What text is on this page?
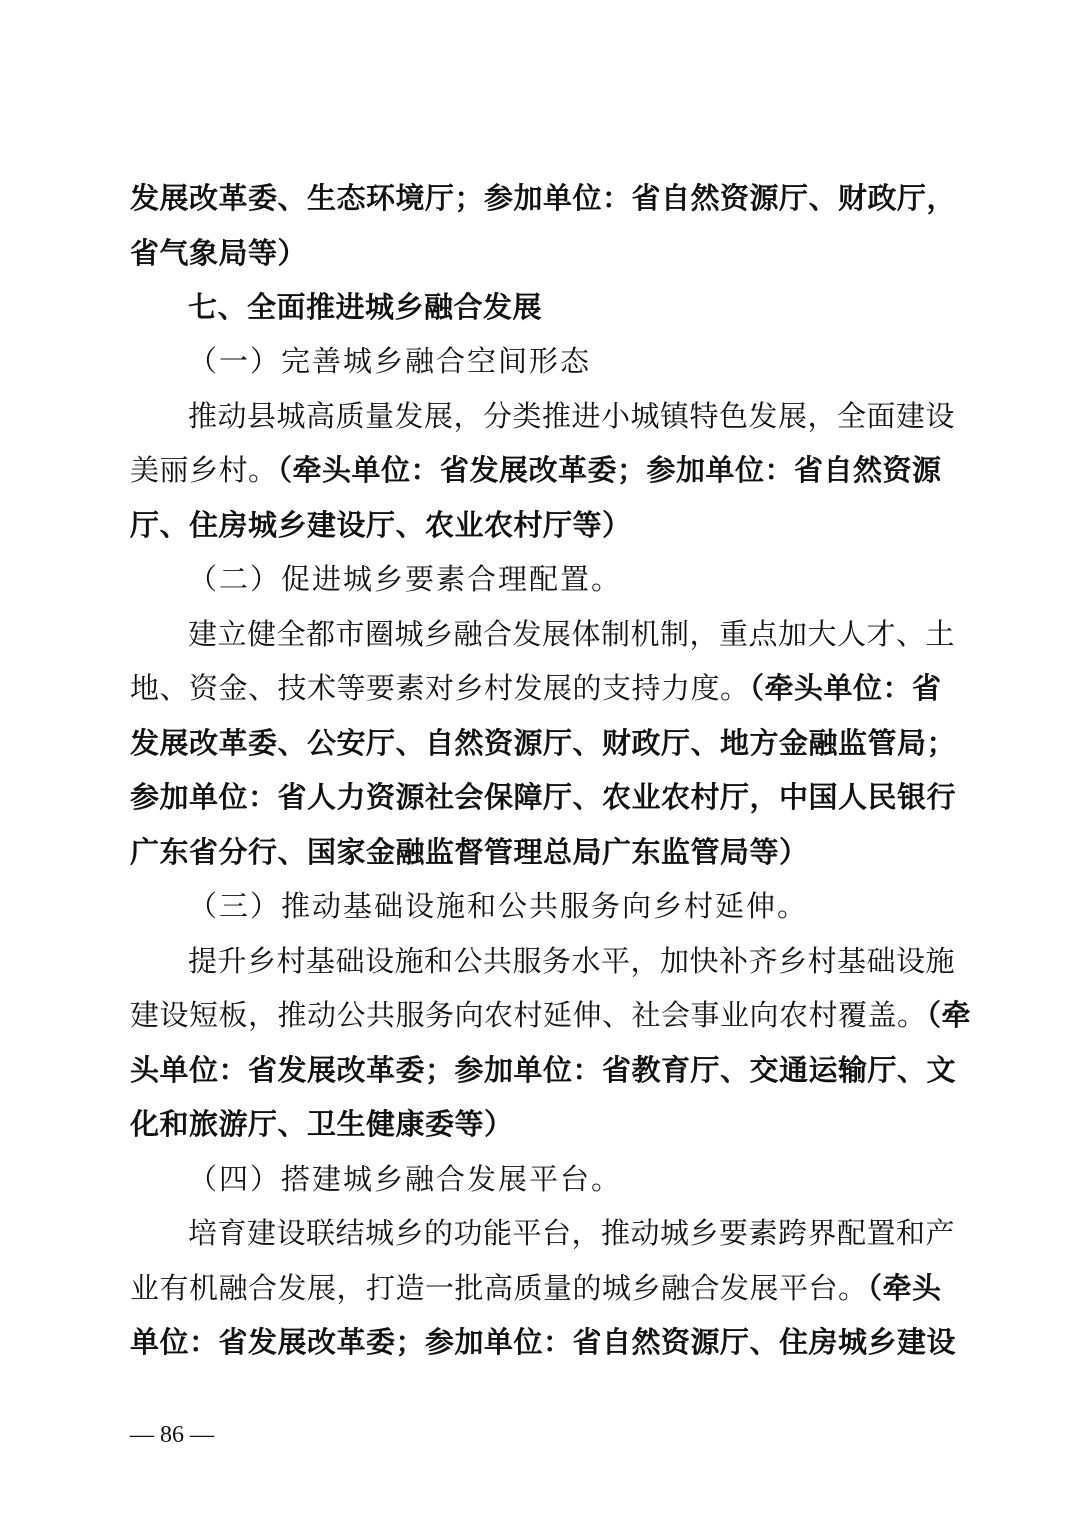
发展改革委、生态环境厅；参加单位：省自然资源厅、财政厅，
省气象局等）
七、全面推进城乡融合发展
（一）完善城乡融合空间形态
推动县城高质量发展，分类推进小城镇特色发展，全面建设
美丽乡村。（牵头单位：省发展改革委；参加单位：省自然资源
厅、住房城乡建设厅、农业农村厅等）
（二）促进城乡要素合理配置。
建立健全都市圈城乡融合发展体制机制，重点加大人才、土
地、资金、技术等要素对乡村发展的支持力度。（牵头单位：省
发展改革委、公安厅、自然资源厅、财政厅、地方金融监管局；
参加单位：省人力资源社会保障厅、农业农村厅，中国人民银行
广东省分行、国家金融监督管理总局广东监管局等）
（三）推动基础设施和公共服务向乡村延伸。
提升乡村基础设施和公共服务水平，加快补齐乡村基础设施
建设短板，推动公共服务向农村延伸、社会事业向农村覆盖。（牵
头单位：省发展改革委；参加单位：省教育厅、交通运输厅、文
化和旅游厅、卫生健康委等）
（四）搭建城乡融合发展平台。
培育建设联结城乡的功能平台，推动城乡要素跨界配置和产
业有机融合发展，打造一批高质量的城乡融合发展平台。（牵头
单位：省发展改革委；参加单位：省自然资源厅、住房城乡建设
— 86 —
